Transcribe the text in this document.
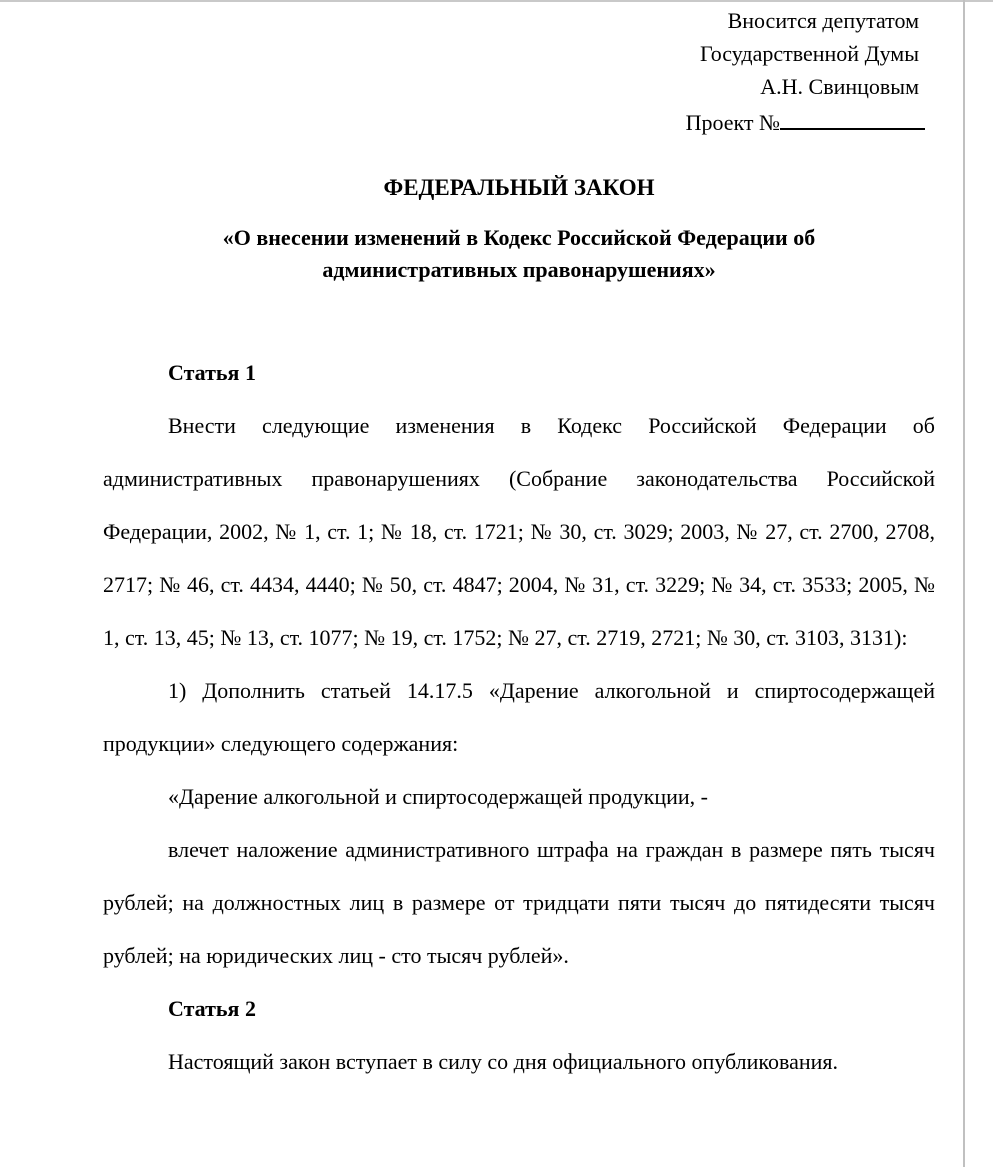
Вносится депутатом
Государственной Думы
А.Н. Свинцовым
Проект №
ФЕДЕРАЛЬНЫЙ ЗАКОН
«О внесении изменений в Кодекс Российской Федерации об административных правонарушениях»

Статья 1

Внести следующие изменения в Кодекс Российской Федерации об административных правонарушениях (Собрание законодательства Российской Федерации, 2002, № 1, ст. 1; № 18, ст. 1721; № 30, ст. 3029; 2003, № 27, ст. 2700, 2708, 2717; № 46, ст. 4434, 4440; № 50, ст. 4847; 2004, № 31, ст. 3229; № 34, ст. 3533; 2005, № 1, ст. 13, 45; № 13, ст. 1077; № 19, ст. 1752; № 27, ст. 2719, 2721; № 30, ст. 3103, 3131):

1) Дополнить статьей 14.17.5 «Дарение алкогольной и спиртосодержащей продукции» следующего содержания:

«Дарение алкогольной и спиртосодержащей продукции, -

влечет наложение административного штрафа на граждан в размере пять тысяч рублей; на должностных лиц в размере от тридцати пяти тысяч до пятидесяти тысяч рублей; на юридических лиц - сто тысяч рублей».

Статья 2

Настоящий закон вступает в силу со дня официального опубликования.
